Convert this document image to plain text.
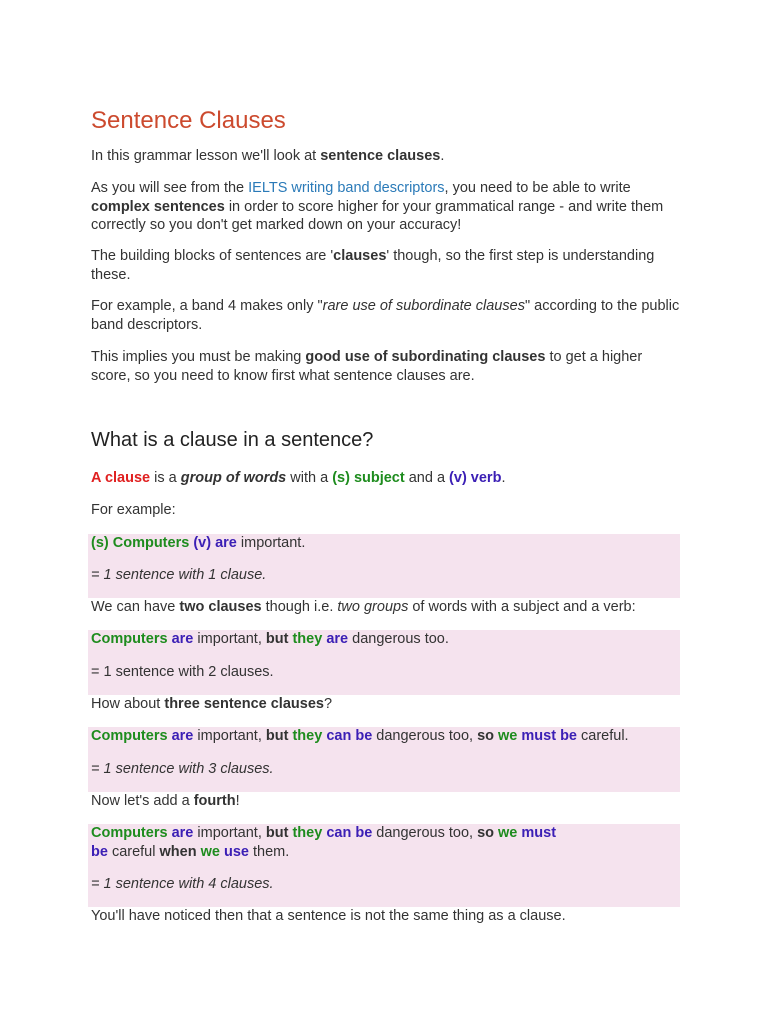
Sentence Clauses

In this grammar lesson we'll look at sentence clauses.

As you will see from the IELTS writing band descriptors, you need to be able to write complex sentences in order to score higher for your grammatical range - and write them correctly so you don't get marked down on your accuracy!

The building blocks of sentences are 'clauses' though, so the first step is understanding these.

For example, a band 4 makes only "rare use of subordinate clauses" according to the public band descriptors.

This implies you must be making good use of subordinating clauses to get a higher score, so you need to know first what sentence clauses are.

What is a clause in a sentence?

A clause is a group of words with a (s) subject and a (v) verb.

For example:

(s) Computers (v) are important.

= 1 sentence with 1 clause.

We can have two clauses though i.e. two groups of words with a subject and a verb:

Computers are important, but they are dangerous too.

= 1 sentence with 2 clauses.

How about three sentence clauses?

Computers are important, but they can be dangerous too, so we must be careful.

= 1 sentence with 3 clauses.

Now let's add a fourth!

Computers are important, but they can be dangerous too, so we must
be careful when we use them.

= 1 sentence with 4 clauses.

You'll have noticed then that a sentence is not the same thing as a clause.
